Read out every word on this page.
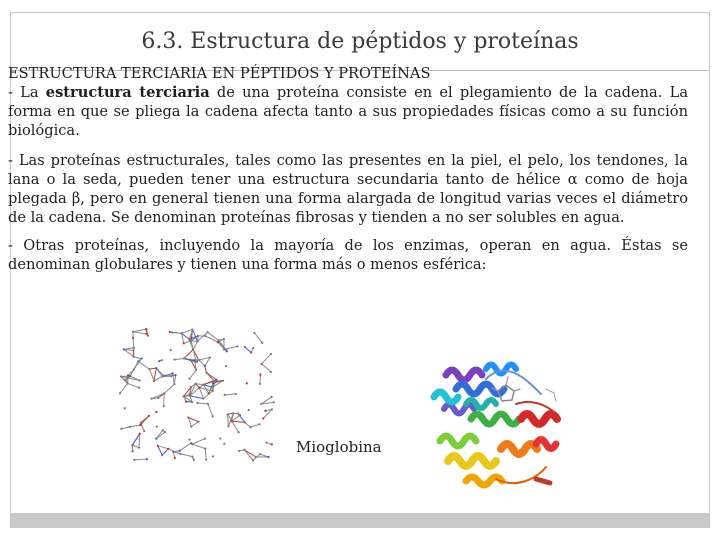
6.3. Estructura de péptidos y proteínas

ESTRUCTURA TERCIARIA EN PÉPTIDOS Y PROTEÍNAS

- La estructura terciaria de una proteína consiste en el plegamiento de la cadena. La forma en que se pliega la cadena afecta tanto a sus propiedades físicas como a su función biológica.

- Las proteínas estructurales, tales como las presentes en la piel, el pelo, los tendones, la lana o la seda, pueden tener una estructura secundaria tanto de hélice α como de hoja plegada β, pero en general tienen una forma alargada de longitud varias veces el diámetro de la cadena. Se denominan proteínas fibrosas y tienden a no ser solubles en agua.

- Otras proteínas, incluyendo la mayoría de los enzimas, operan en agua. Éstas se denominan globulares y tienen una forma más o menos esférica:

Mioglobina
